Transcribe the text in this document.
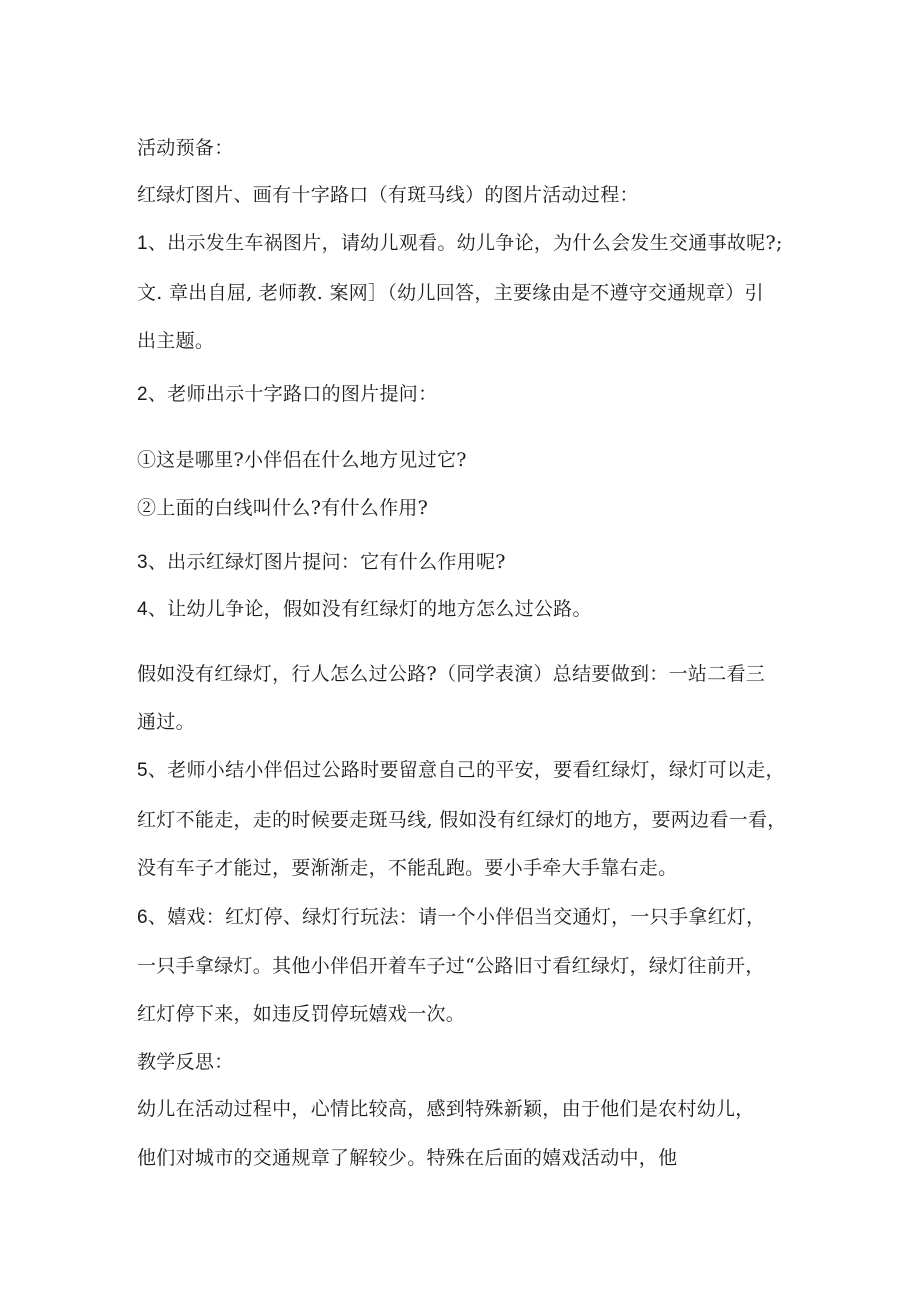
活动预备：
红绿灯图片、画有十字路口（有斑马线）的图片活动过程：
1、出示发生车祸图片，请幼儿观看。幼儿争论，为什么会发生交通事故呢?;
文. 章出自屈, 老师教. 案网］（幼儿回答，主要缘由是不遵守交通规章）引
出主题。
2、老师出示十字路口的图片提问：
①这是哪里?小伴侣在什么地方见过它?
②上面的白线叫什么?有什么作用?
3、出示红绿灯图片提问：它有什么作用呢?
4、让幼儿争论，假如没有红绿灯的地方怎么过公路。
假如没有红绿灯，行人怎么过公路?（同学表演）总结要做到：一站二看三
通过。
5、老师小结小伴侣过公路时要留意自己的平安，要看红绿灯，绿灯可以走，
红灯不能走，走的时候要走斑马线, 假如没有红绿灯的地方，要两边看一看，
没有车子才能过，要渐渐走，不能乱跑。要小手牵大手靠右走。
6、嬉戏：红灯停、绿灯行玩法：请一个小伴侣当交通灯，一只手拿红灯，
一只手拿绿灯。其他小伴侣开着车子过“公路旧寸看红绿灯，绿灯往前开，
红灯停下来，如违反罚停玩嬉戏一次。
教学反思：
幼儿在活动过程中，心情比较高，感到特殊新颖，由于他们是农村幼儿，
他们对城市的交通规章了解较少。特殊在后面的嬉戏活动中，他
